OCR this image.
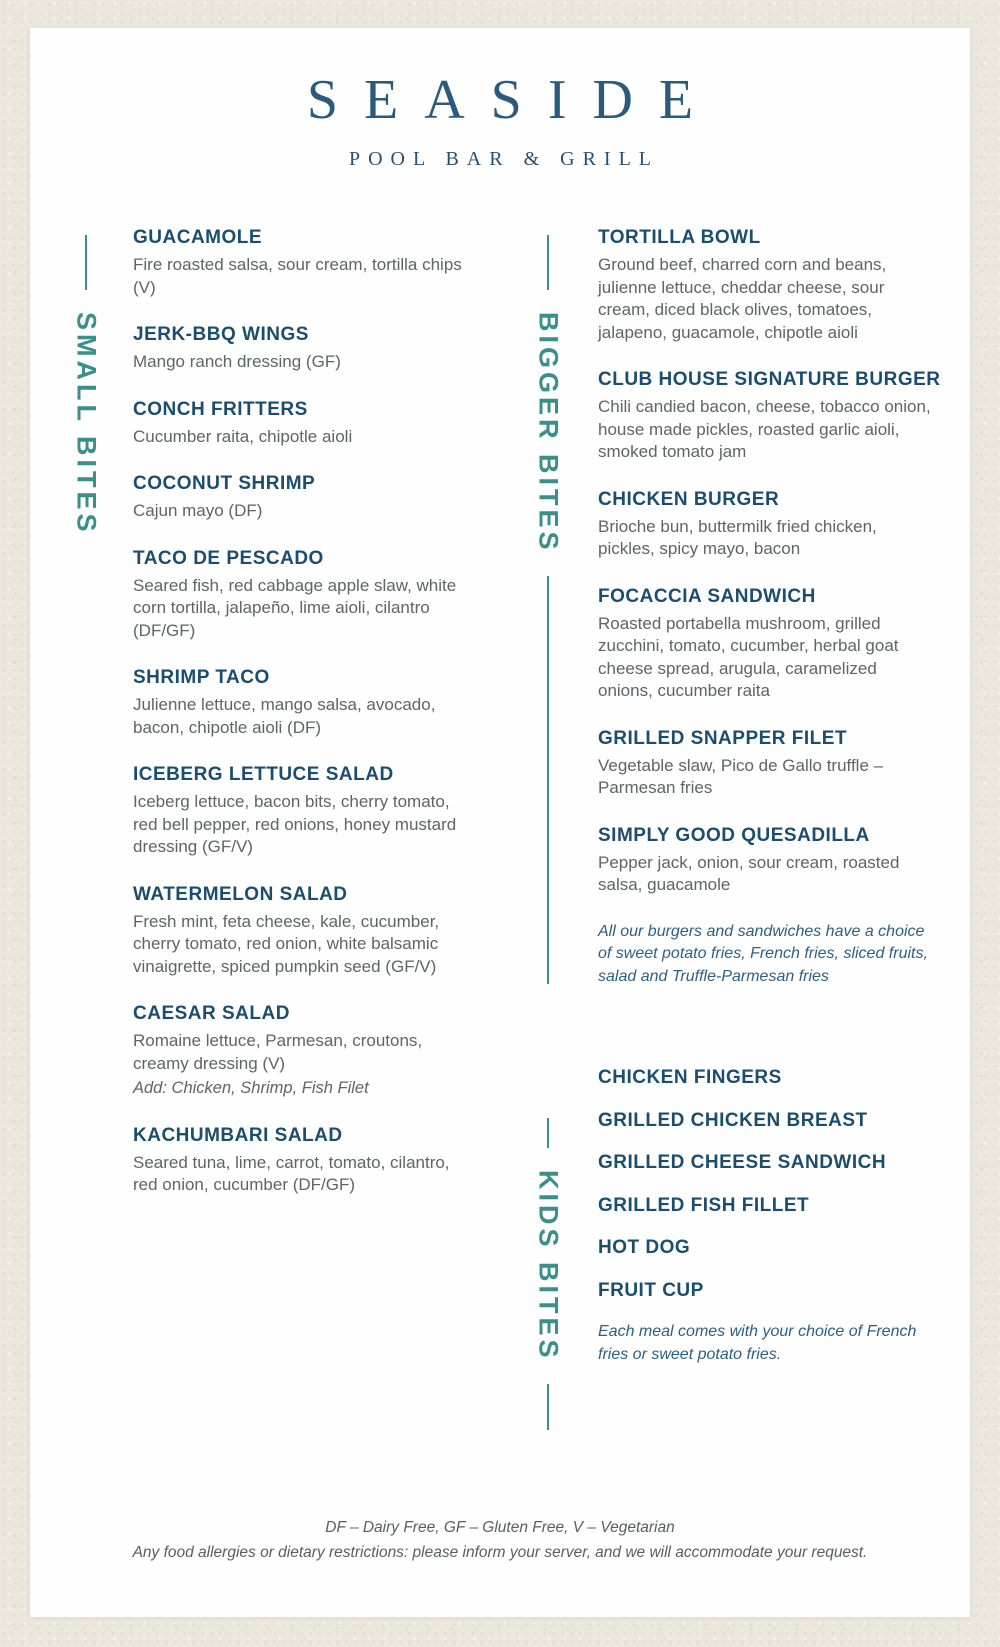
SEASIDE
POOL BAR & GRILL
SMALL BITES
GUACAMOLE
Fire roasted salsa, sour cream, tortilla chips (V)
JERK-BBQ WINGS
Mango ranch dressing (GF)
CONCH FRITTERS
Cucumber raita, chipotle aioli
COCONUT SHRIMP
Cajun mayo (DF)
TACO DE PESCADO
Seared fish, red cabbage apple slaw, white corn tortilla, jalapeño, lime aioli, cilantro (DF/GF)
SHRIMP TACO
Julienne lettuce, mango salsa, avocado, bacon, chipotle aioli (DF)
ICEBERG LETTUCE SALAD
Iceberg lettuce, bacon bits, cherry tomato, red bell pepper, red onions, honey mustard dressing (GF/V)
WATERMELON SALAD
Fresh mint, feta cheese, kale, cucumber, cherry tomato, red onion, white balsamic vinaigrette, spiced pumpkin seed (GF/V)
CAESAR SALAD
Romaine lettuce, Parmesan, croutons, creamy dressing (V)
Add: Chicken, Shrimp, Fish Filet
KACHUMBARI SALAD
Seared tuna, lime, carrot, tomato, cilantro, red onion, cucumber (DF/GF)
BIGGER BITES
TORTILLA BOWL
Ground beef, charred corn and beans, julienne lettuce, cheddar cheese, sour cream, diced black olives, tomatoes, jalapeno, guacamole, chipotle aioli
CLUB HOUSE SIGNATURE BURGER
Chili candied bacon, cheese, tobacco onion, house made pickles, roasted garlic aioli, smoked tomato jam
CHICKEN BURGER
Brioche bun, buttermilk fried chicken, pickles, spicy mayo, bacon
FOCACCIA SANDWICH
Roasted portabella mushroom, grilled zucchini, tomato, cucumber, herbal goat cheese spread, arugula, caramelized onions, cucumber raita
GRILLED SNAPPER FILET
Vegetable slaw, Pico de Gallo truffle – Parmesan fries
SIMPLY GOOD QUESADILLA
Pepper jack, onion, sour cream, roasted salsa, guacamole
All our burgers and sandwiches have a choice of sweet potato fries, French fries, sliced fruits, salad and Truffle-Parmesan fries
KIDS BITES
CHICKEN FINGERS
GRILLED CHICKEN BREAST
GRILLED CHEESE SANDWICH
GRILLED FISH FILLET
HOT DOG
FRUIT CUP
Each meal comes with your choice of French fries or sweet potato fries.
DF – Dairy Free, GF – Gluten Free, V – Vegetarian
Any food allergies or dietary restrictions: please inform your server, and we will accommodate your request.
